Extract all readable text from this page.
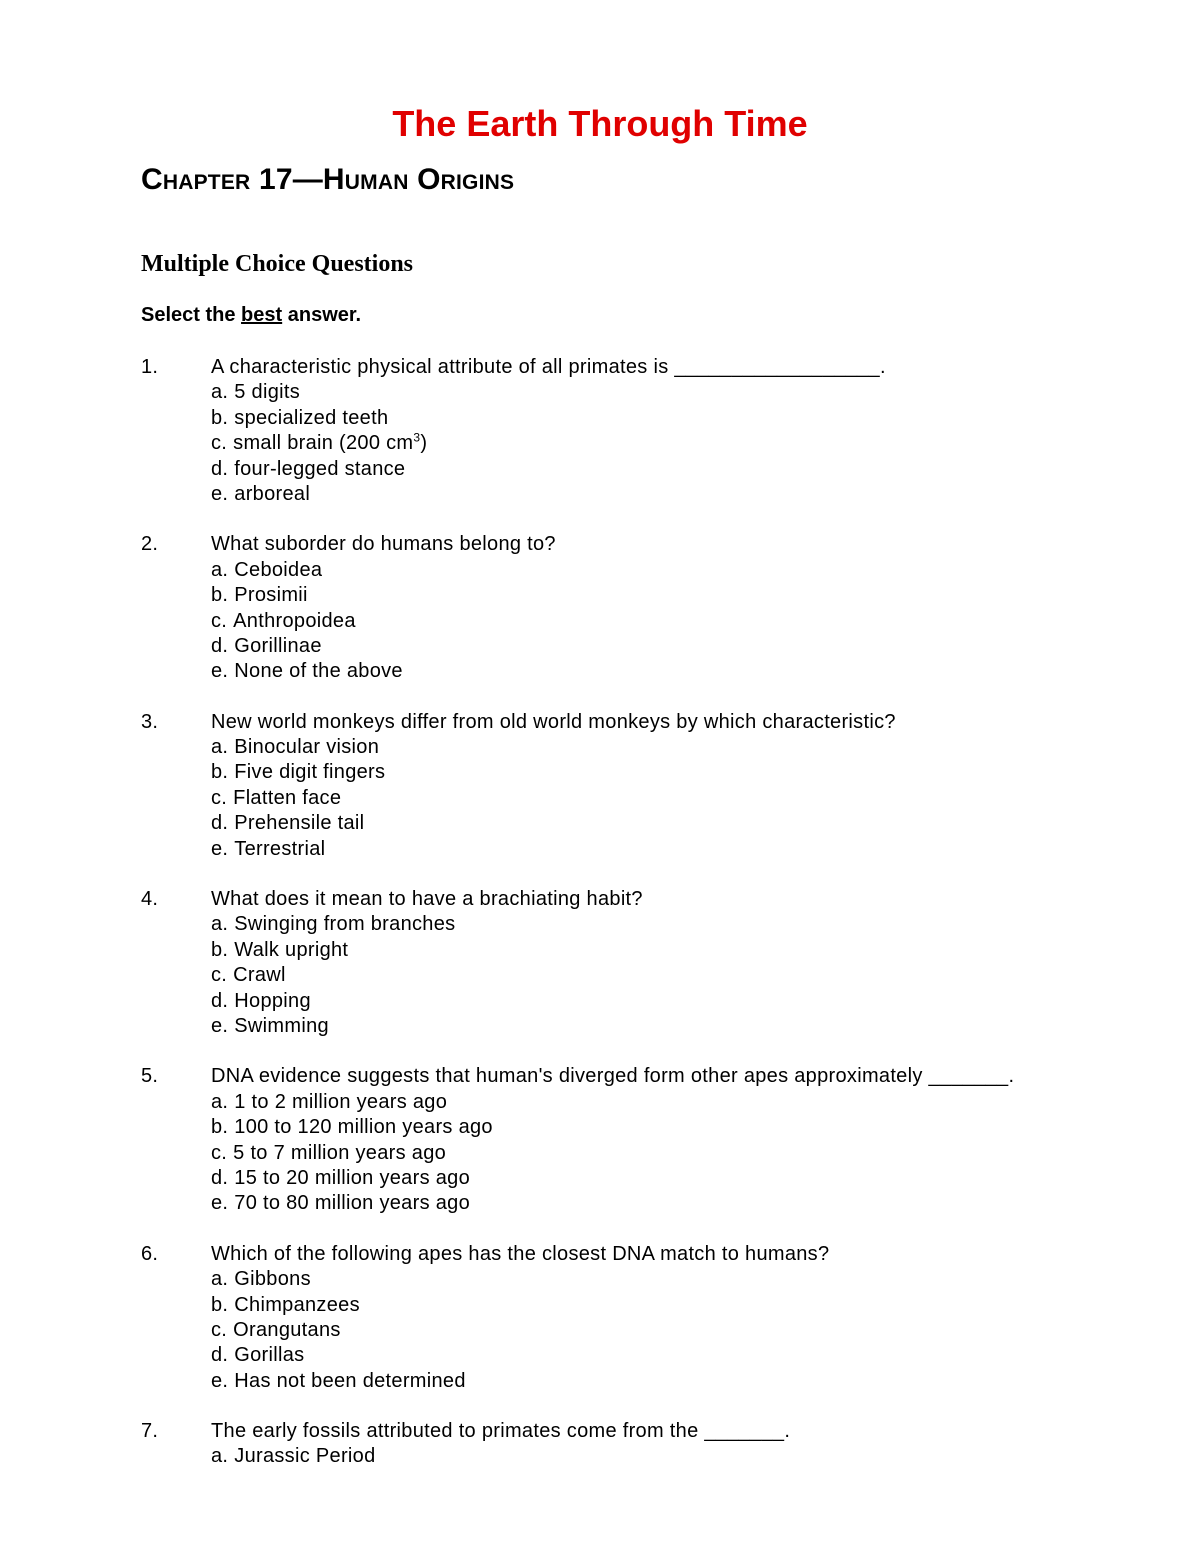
The Earth Through Time
Chapter 17—Human Origins
Multiple Choice Questions

Select the best answer.

1.	A characteristic physical attribute of all primates is __________________.
a. 5 digits
b. specialized teeth
c. small brain (200 $cm^3$)
d. four-legged stance
e. arboreal
2.	What suborder do humans belong to?
a. Ceboidea
b. Prosimii
c. Anthropoidea
d. Gorillinae
e. None of the above
3.	New world monkeys differ from old world monkeys by which characteristic?
a. Binocular vision
b. Five digit fingers
c. Flatten face
d. Prehensile tail
e. Terrestrial
4.	What does it mean to have a brachiating habit?
a. Swinging from branches
b. Walk upright
c. Crawl
d. Hopping
e. Swimming
5.	DNA evidence suggests that human's diverged form other apes approximately _______.
a. 1 to 2 million years ago
b. 100 to 120 million years ago
c. 5 to 7 million years ago
d. 15 to 20 million years ago
e. 70 to 80 million years ago
6.	Which of the following apes has the closest DNA match to humans?
a. Gibbons
b. Chimpanzees
c. Orangutans
d. Gorillas
e. Has not been determined
7.	The early fossils attributed to primates come from the _______.
a. Jurassic Period
